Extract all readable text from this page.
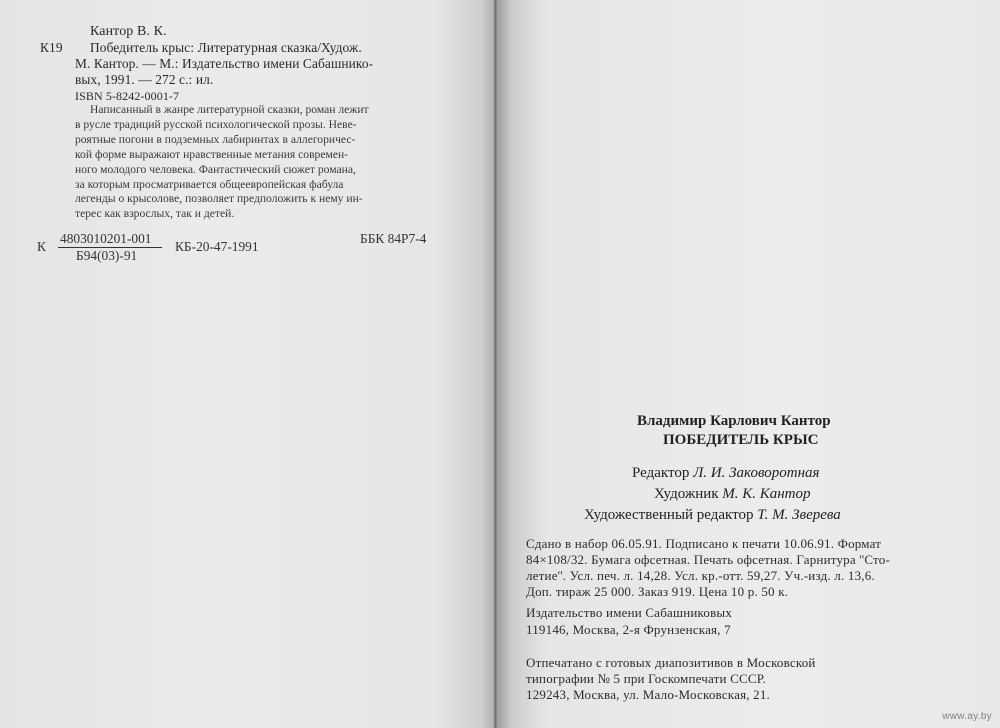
Кантор В. К.
К19 Победитель крыс: Литературная сказка/Худож.
М. Кантор. — М.: Издательство имени Сабашнико-
вых, 1991. — 272 с.: ил.
ISBN 5-8242-0001-7
Написанный в жанре литературной сказки, роман лежит
в русле традиций русской психологической прозы. Неве-
роятные погони в подземных лабиринтах в аллегоричес-
кой форме выражают нравственные метания современ-
ного молодого человека. Фантастический сюжет романа,
за которым просматривается общеевропейская фабула
легенды о крысолове, позволяет предположить к нему ин-
терес как взрослых, так и детей.
К
4803010201-001
Б94(03)-91
КБ-20-47-1991
ББК 84Р7-4
Владимир Карлович Кантор
ПОБЕДИТЕЛЬ КРЫС
Редактор Л. И. Заковоротная
Художник М. К. Кантор
Художественный редактор Т. М. Зверева
Сдано в набор 06.05.91. Подписано к печати 10.06.91. Формат
84×108/32. Бумага офсетная. Печать офсетная. Гарнитура ''Сто-
летие''. Усл. печ. л. 14,28. Усл. кр.-отт. 59,27. Уч.-изд. л. 13,6.
Доп. тираж 25 000. Заказ 919. Цена 10 р. 50 к.
Издательство имени Сабашниковых
119146, Москва, 2-я Фрунзенская, 7
Отпечатано с готовых диапозитивов в Московской
типографии № 5 при Госкомпечати СССР.
129243, Москва, ул. Мало-Московская, 21.
www.ay.by
